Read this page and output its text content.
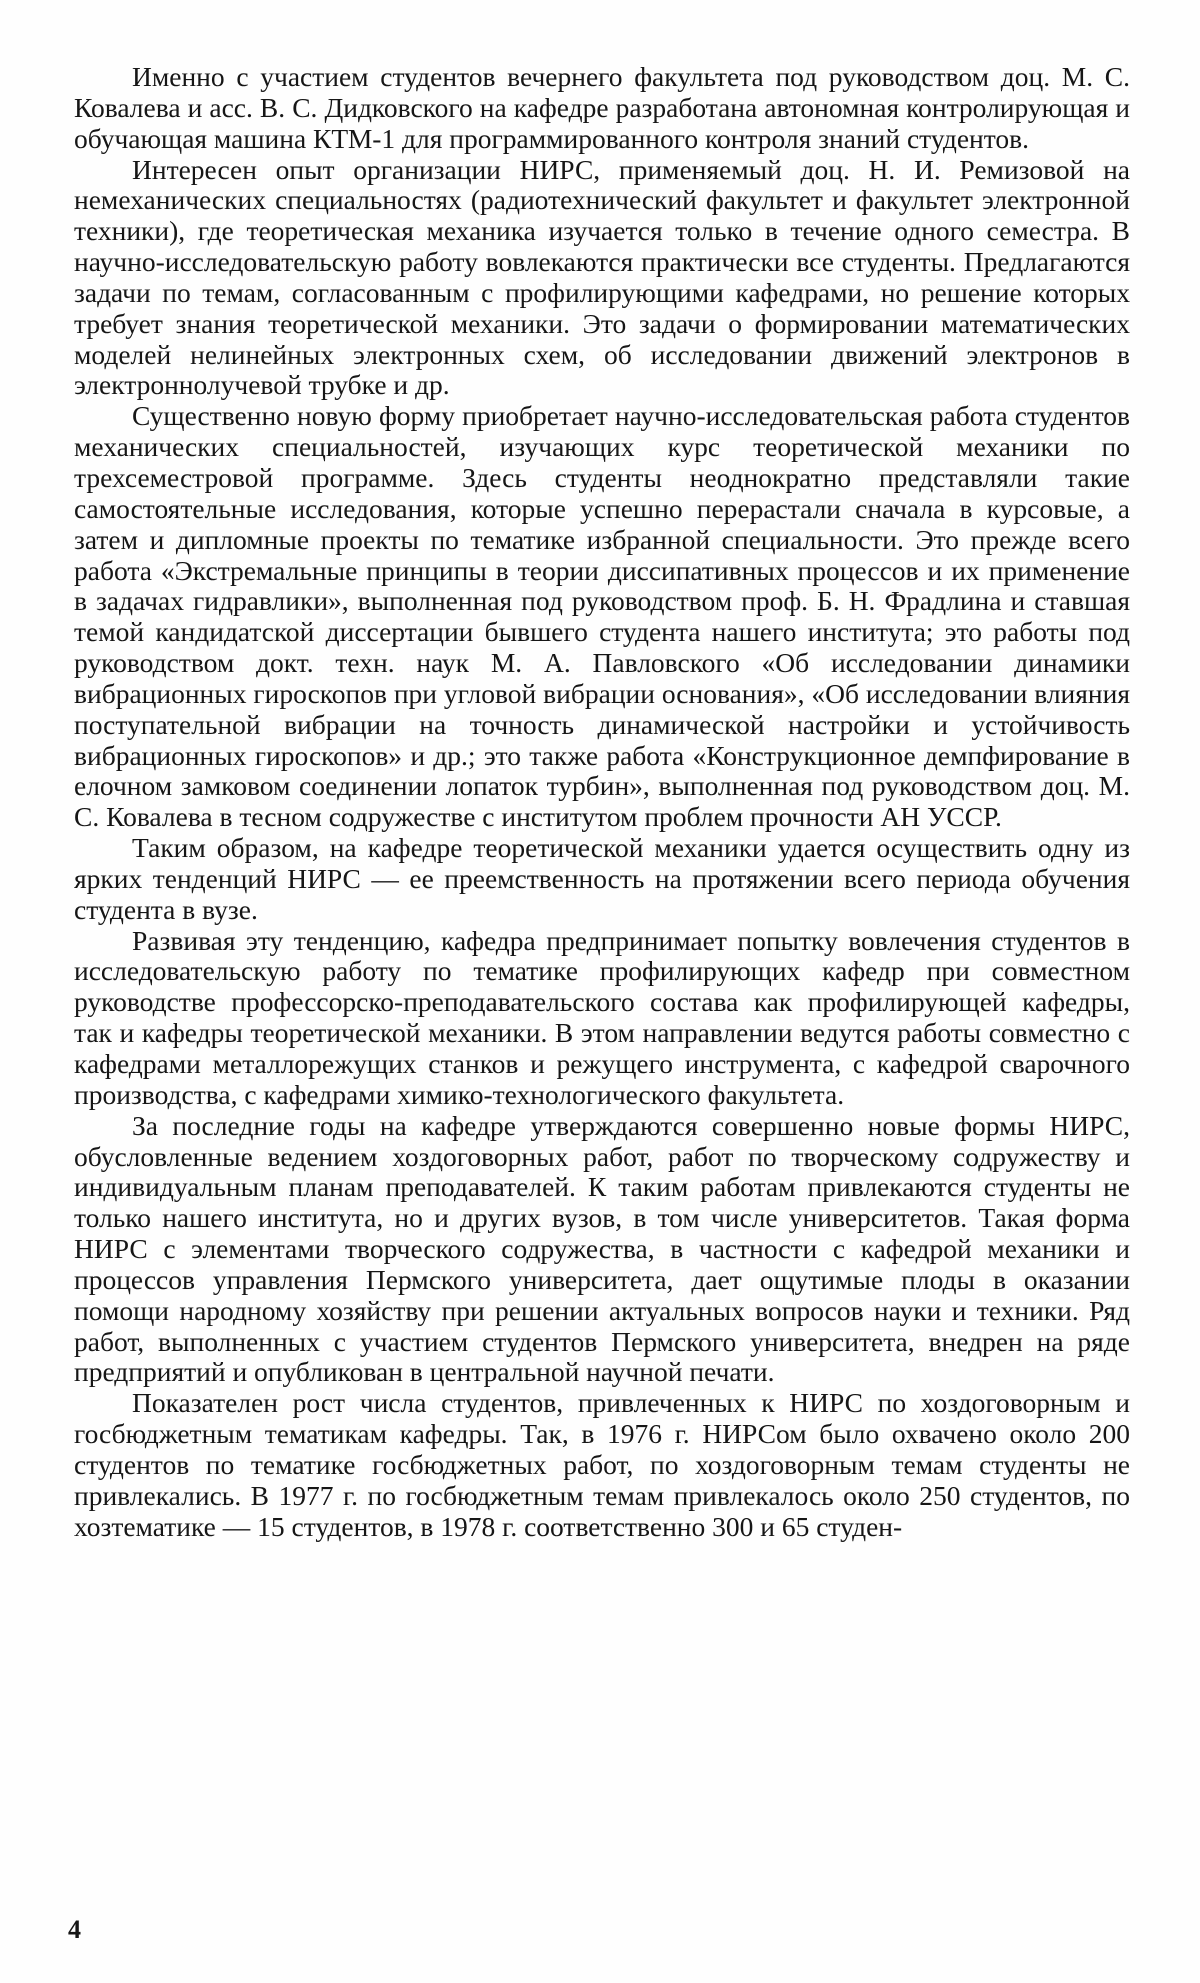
Именно с участием студентов вечернего факультета под руководством доц. М. С. Ковалева и асс. В. С. Дидковского на кафедре разработана автономная контролирующая и обучающая машина КТМ-1 для программированного контроля знаний студентов.

Интересен опыт организации НИРС, применяемый доц. Н. И. Ремизовой на немеханических специальностях (радиотехнический факультет и факультет электронной техники), где теоретическая механика изучается только в течение одного семестра. В научно-исследовательскую работу вовлекаются практически все студенты. Предлагаются задачи по темам, согласованным с профилирующими кафедрами, но решение которых требует знания теоретической механики. Это задачи о формировании математических моделей нелинейных электронных схем, об исследовании движений электронов в электроннолучевой трубке и др.

Существенно новую форму приобретает научно-исследовательская работа студентов механических специальностей, изучающих курс теоретической механики по трехсеместровой программе. Здесь студенты неоднократно представляли такие самостоятельные исследования, которые успешно перерастали сначала в курсовые, а затем и дипломные проекты по тематике избранной специальности. Это прежде всего работа «Экстремальные принципы в теории диссипативных процессов и их применение в задачах гидравлики», выполненная под руководством проф. Б. Н. Фрадлина и ставшая темой кандидатской диссертации бывшего студента нашего института; это работы под руководством докт. техн. наук М. А. Павловского «Об исследовании динамики вибрационных гироскопов при угловой вибрации основания», «Об исследовании влияния поступательной вибрации на точность динамической настройки и устойчивость вибрационных гироскопов» и др.; это также работа «Конструкционное демпфирование в елочном замковом соединении лопаток турбин», выполненная под руководством доц. М. С. Ковалева в тесном содружестве с институтом проблем прочности АН УССР.

Таким образом, на кафедре теоретической механики удается осуществить одну из ярких тенденций НИРС — ее преемственность на протяжении всего периода обучения студента в вузе.

Развивая эту тенденцию, кафедра предпринимает попытку вовлечения студентов в исследовательскую работу по тематике профилирующих кафедр при совместном руководстве профессорско-преподавательского состава как профилирующей кафедры, так и кафедры теоретической механики. В этом направлении ведутся работы совместно с кафедрами металлорежущих станков и режущего инструмента, с кафедрой сварочного производства, с кафедрами химико-технологического факультета.

За последние годы на кафедре утверждаются совершенно новые формы НИРС, обусловленные ведением хоздоговорных работ, работ по творческому содружеству и индивидуальным планам преподавателей. К таким работам привлекаются студенты не только нашего института, но и других вузов, в том числе университетов. Такая форма НИРС с элементами творческого содружества, в частности с кафедрой механики и процессов управления Пермского университета, дает ощутимые плоды в оказании помощи народному хозяйству при решении актуальных вопросов науки и техники. Ряд работ, выполненных с участием студентов Пермского университета, внедрен на ряде предприятий и опубликован в центральной научной печати.

Показателен рост числа студентов, привлеченных к НИРС по хоздоговорным и госбюджетным тематикам кафедры. Так, в 1976 г. НИРСом было охвачено около 200 студентов по тематике госбюджетных работ, по хоздоговорным темам студенты не привлекались. В 1977 г. по госбюджетным темам привлекалось около 250 студентов, по хозтематике — 15 студентов, в 1978 г. соответственно 300 и 65 студен-

4
